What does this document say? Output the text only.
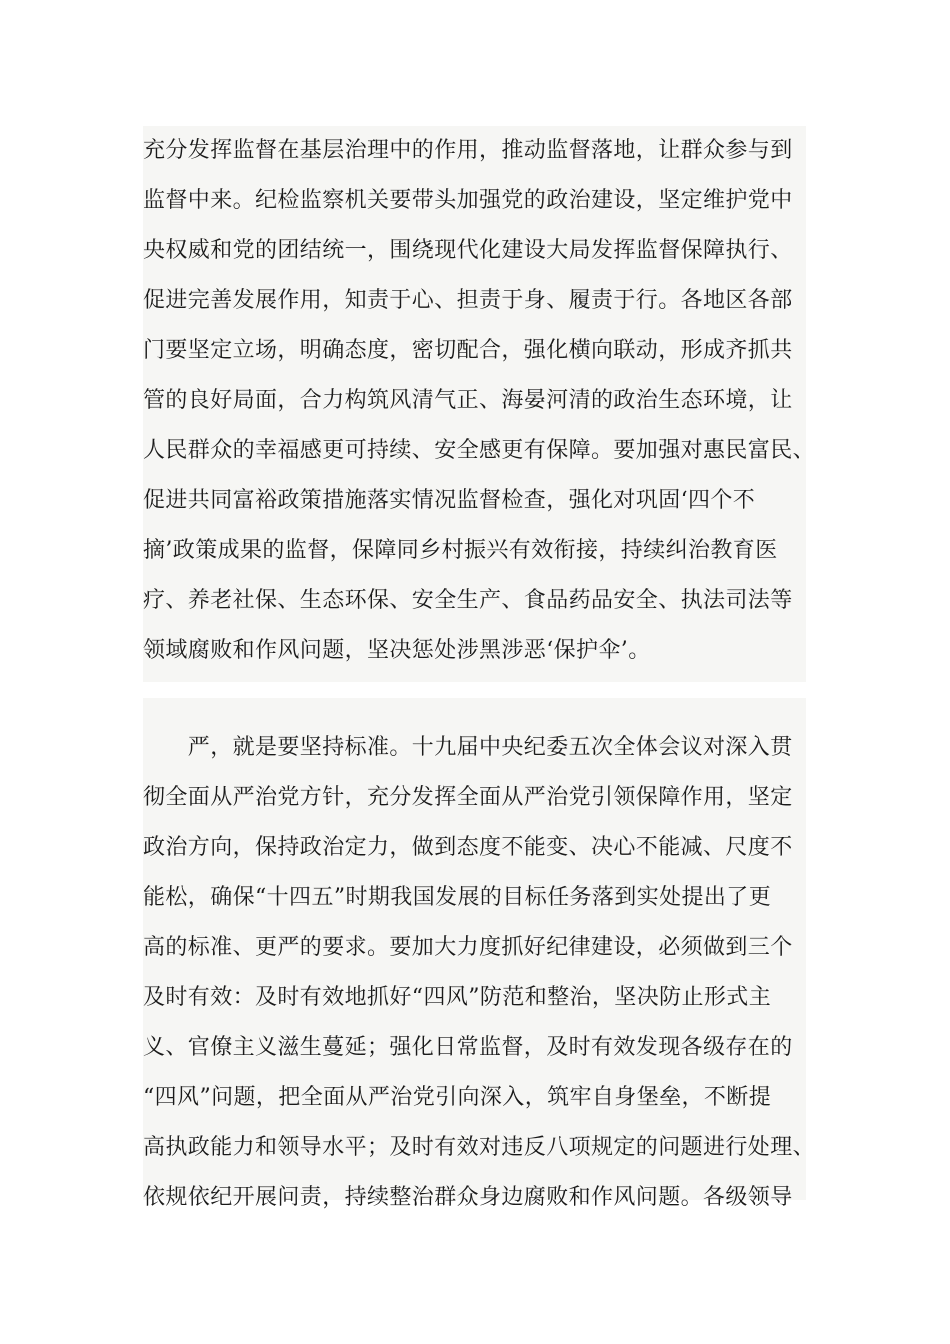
充分发挥监督在基层治理中的作用，推动监督落地，让群众参与到
监督中来。纪检监察机关要带头加强党的政治建设，坚定维护党中
央权威和党的团结统一，围绕现代化建设大局发挥监督保障执行、
促进完善发展作用，知责于心、担责于身、履责于行。各地区各部
门要坚定立场，明确态度，密切配合，强化横向联动，形成齐抓共
管的良好局面，合力构筑风清气正、海晏河清的政治生态环境，让
人民群众的幸福感更可持续、安全感更有保障。要加强对惠民富民、
促进共同富裕政策措施落实情况监督检查，强化对巩固‘四个不
摘’政策成果的监督，保障同乡村振兴有效衔接，持续纠治教育医
疗、养老社保、生态环保、安全生产、食品药品安全、执法司法等
领域腐败和作风问题，坚决惩处涉黑涉恶‘保护伞’。
　　严，就是要坚持标准。十九届中央纪委五次全体会议对深入贯
彻全面从严治党方针，充分发挥全面从严治党引领保障作用，坚定
政治方向，保持政治定力，做到态度不能变、决心不能减、尺度不
能松，确保“十四五”时期我国发展的目标任务落到实处提出了更
高的标准、更严的要求。要加大力度抓好纪律建设，必须做到三个
及时有效：及时有效地抓好“四风”防范和整治，坚决防止形式主
义、官僚主义滋生蔓延；强化日常监督，及时有效发现各级存在的
“四风”问题，把全面从严治党引向深入，筑牢自身堡垒，不断提
高执政能力和领导水平；及时有效对违反八项规定的问题进行处理、
依规依纪开展问责，持续整治群众身边腐败和作风问题。各级领导
